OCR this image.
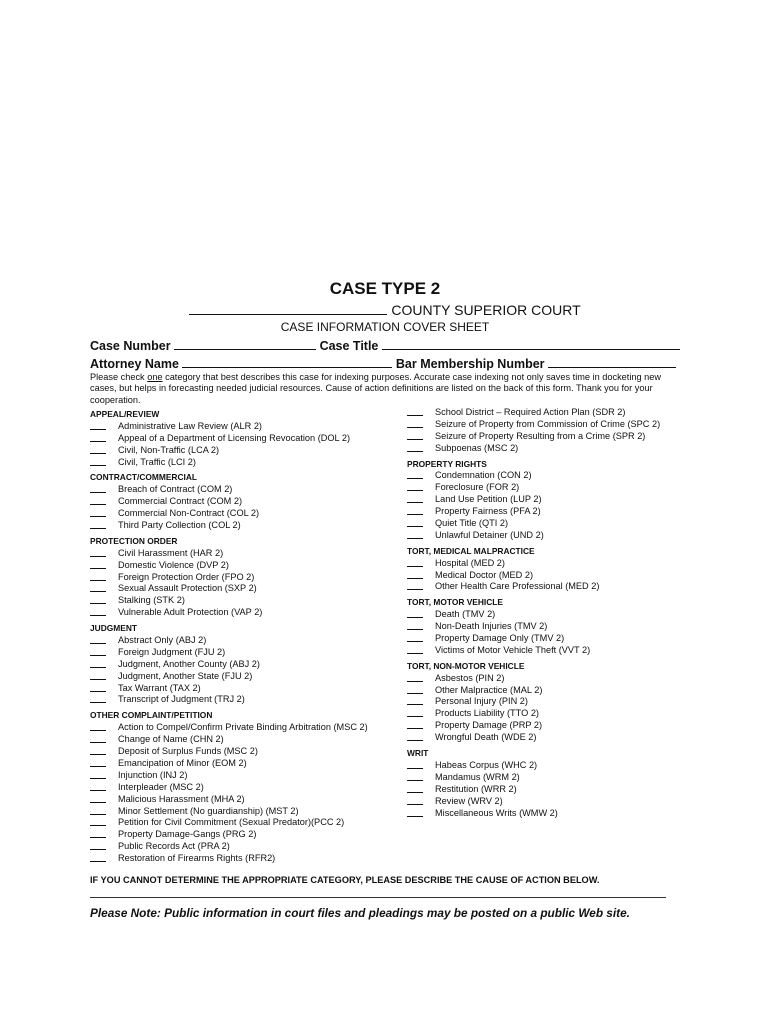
CASE TYPE 2
COUNTY SUPERIOR COURT
CASE INFORMATION COVER SHEET
Case Number	Case Title
Attorney Name	Bar Membership Number
Please check one category that best describes this case for indexing purposes. Accurate case indexing not only saves time in docketing new cases, but helps in forecasting needed judicial resources. Cause of action definitions are listed on the back of this form. Thank you for your cooperation.
APPEAL/REVIEW
Administrative Law Review (ALR 2)
Appeal of a Department of Licensing Revocation (DOL 2)
Civil, Non-Traffic (LCA 2)
Civil, Traffic (LCI 2)
CONTRACT/COMMERCIAL
Breach of Contract (COM 2)
Commercial Contract (COM 2)
Commercial Non-Contract (COL 2)
Third Party Collection (COL 2)
PROTECTION ORDER
Civil Harassment (HAR 2)
Domestic Violence (DVP 2)
Foreign Protection Order (FPO 2)
Sexual Assault Protection (SXP 2)
Stalking (STK 2)
Vulnerable Adult Protection (VAP 2)
JUDGMENT
Abstract Only (ABJ 2)
Foreign Judgment (FJU 2)
Judgment, Another County (ABJ 2)
Judgment, Another State (FJU 2)
Tax Warrant (TAX 2)
Transcript of Judgment (TRJ 2)
OTHER COMPLAINT/PETITION
Action to Compel/Confirm Private Binding Arbitration (MSC 2)
Change of Name (CHN 2)
Deposit of Surplus Funds (MSC 2)
Emancipation of Minor (EOM 2)
Injunction (INJ 2)
Interpleader (MSC 2)
Malicious Harassment (MHA 2)
Minor Settlement (No guardianship) (MST 2)
Petition for Civil Commitment (Sexual Predator)(PCC 2)
Property Damage-Gangs (PRG 2)
Public Records Act (PRA 2)
Restoration of Firearms Rights (RFR2)
School District – Required Action Plan (SDR 2)
Seizure of Property from Commission of Crime (SPC 2)
Seizure of Property Resulting from a Crime (SPR 2)
Subpoenas (MSC 2)
PROPERTY RIGHTS
Condemnation (CON 2)
Foreclosure (FOR 2)
Land Use Petition (LUP 2)
Property Fairness (PFA 2)
Quiet Title (QTI 2)
Unlawful Detainer (UND 2)
TORT, MEDICAL MALPRACTICE
Hospital (MED 2)
Medical Doctor (MED 2)
Other Health Care Professional (MED 2)
TORT, MOTOR VEHICLE
Death (TMV 2)
Non-Death Injuries (TMV 2)
Property Damage Only (TMV 2)
Victims of Motor Vehicle Theft (VVT 2)
TORT, NON-MOTOR VEHICLE
Asbestos (PIN 2)
Other Malpractice (MAL 2)
Personal Injury (PIN 2)
Products Liability (TTO 2)
Property Damage (PRP 2)
Wrongful Death (WDE 2)
WRIT
Habeas Corpus (WHC 2)
Mandamus (WRM 2)
Restitution (WRR 2)
Review (WRV 2)
Miscellaneous Writs (WMW 2)
IF YOU CANNOT DETERMINE THE APPROPRIATE CATEGORY, PLEASE DESCRIBE THE CAUSE OF ACTION BELOW.
Please Note: Public information in court files and pleadings may be posted on a public Web site.
